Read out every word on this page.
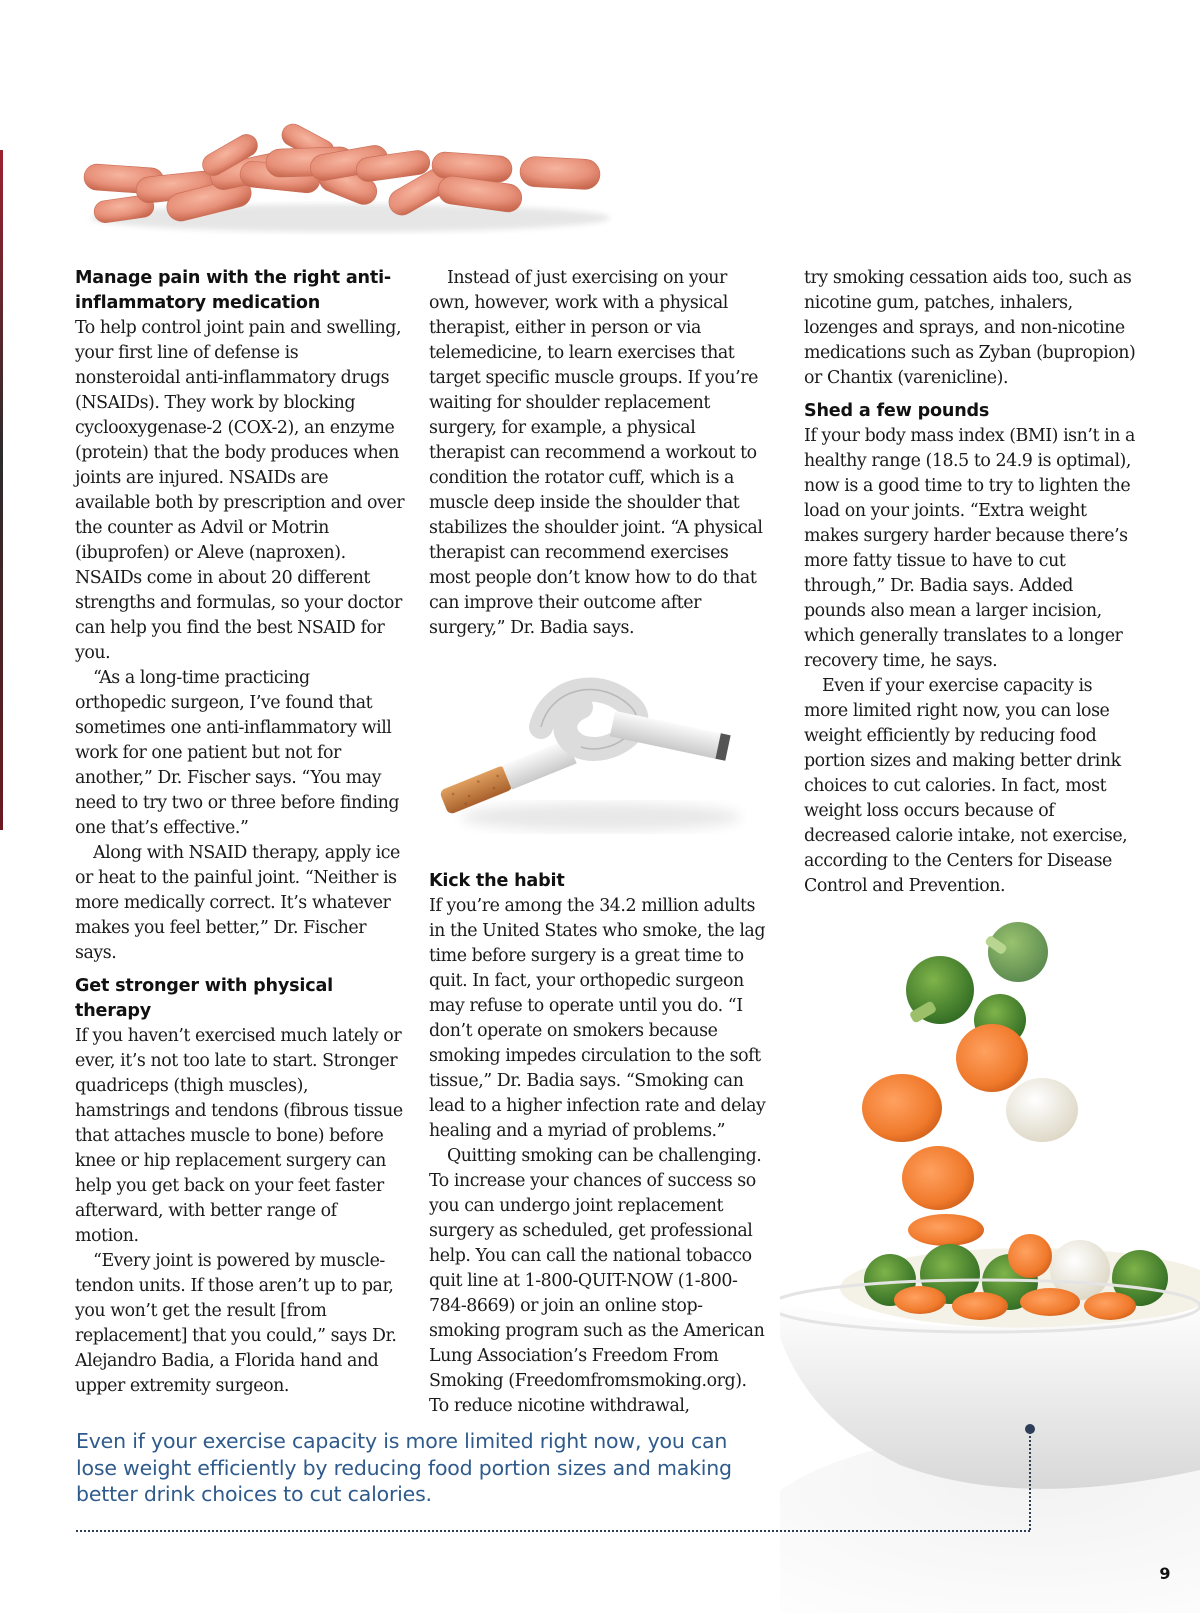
Manage pain with the right anti-inflammatory medication

To help control joint pain and swelling, your first line of defense is nonsteroidal anti-inflammatory drugs (NSAIDs). They work by blocking cyclooxygenase-2 (COX-2), an enzyme (protein) that the body produces when joints are injured. NSAIDs are available both by prescription and over the counter as Advil or Motrin (ibuprofen) or Aleve (naproxen). NSAIDs come in about 20 different strengths and formulas, so your doctor can help you find the best NSAID for you.

“As a long-time practicing orthopedic surgeon, I’ve found that sometimes one anti-inflammatory will work for one patient but not for another,” Dr. Fischer says. “You may need to try two or three before finding one that’s effective.”

Along with NSAID therapy, apply ice or heat to the painful joint. “Neither is more medically correct. It’s whatever makes you feel better,” Dr. Fischer says.

Get stronger with physical therapy

If you haven’t exercised much lately or ever, it’s not too late to start. Stronger quadriceps (thigh muscles), hamstrings and tendons (fibrous tissue that attaches muscle to bone) before knee or hip replacement surgery can help you get back on your feet faster afterward, with better range of motion.

“Every joint is powered by muscle-tendon units. If those aren’t up to par, you won’t get the result [from replacement] that you could,” says Dr. Alejandro Badia, a Florida hand and upper extremity surgeon.

Instead of just exercising on your own, however, work with a physical therapist, either in person or via telemedicine, to learn exercises that target specific muscle groups. If you’re waiting for shoulder replacement surgery, for example, a physical therapist can recommend a workout to condition the rotator cuff, which is a muscle deep inside the shoulder that stabilizes the shoulder joint. “A physical therapist can recommend exercises most people don’t know how to do that can improve their outcome after surgery,” Dr. Badia says.

Kick the habit

If you’re among the 34.2 million adults in the United States who smoke, the lag time before surgery is a great time to quit. In fact, your orthopedic surgeon may refuse to operate until you do. “I don’t operate on smokers because smoking impedes circulation to the soft tissue,” Dr. Badia says. “Smoking can lead to a higher infection rate and delay healing and a myriad of problems.”

Quitting smoking can be challenging. To increase your chances of success so you can undergo joint replacement surgery as scheduled, get professional help. You can call the national tobacco quit line at 1-800-QUIT-NOW (1-800-784-8669) or join an online stop-smoking program such as the American Lung Association’s Freedom From Smoking (Freedomfromsmoking.org). To reduce nicotine withdrawal,

try smoking cessation aids too, such as nicotine gum, patches, inhalers, lozenges and sprays, and non-nicotine medications such as Zyban (bupropion) or Chantix (varenicline).

Shed a few pounds

If your body mass index (BMI) isn’t in a healthy range (18.5 to 24.9 is optimal), now is a good time to try to lighten the load on your joints. “Extra weight makes surgery harder because there’s more fatty tissue to have to cut through,” Dr. Badia says. Added pounds also mean a larger incision, which generally translates to a longer recovery time, he says.

Even if your exercise capacity is more limited right now, you can lose weight efficiently by reducing food portion sizes and making better drink choices to cut calories. In fact, most weight loss occurs because of decreased calorie intake, not exercise, according to the Centers for Disease Control and Prevention.

Even if your exercise capacity is more limited right now, you can lose weight efficiently by reducing food portion sizes and making better drink choices to cut calories.

9
